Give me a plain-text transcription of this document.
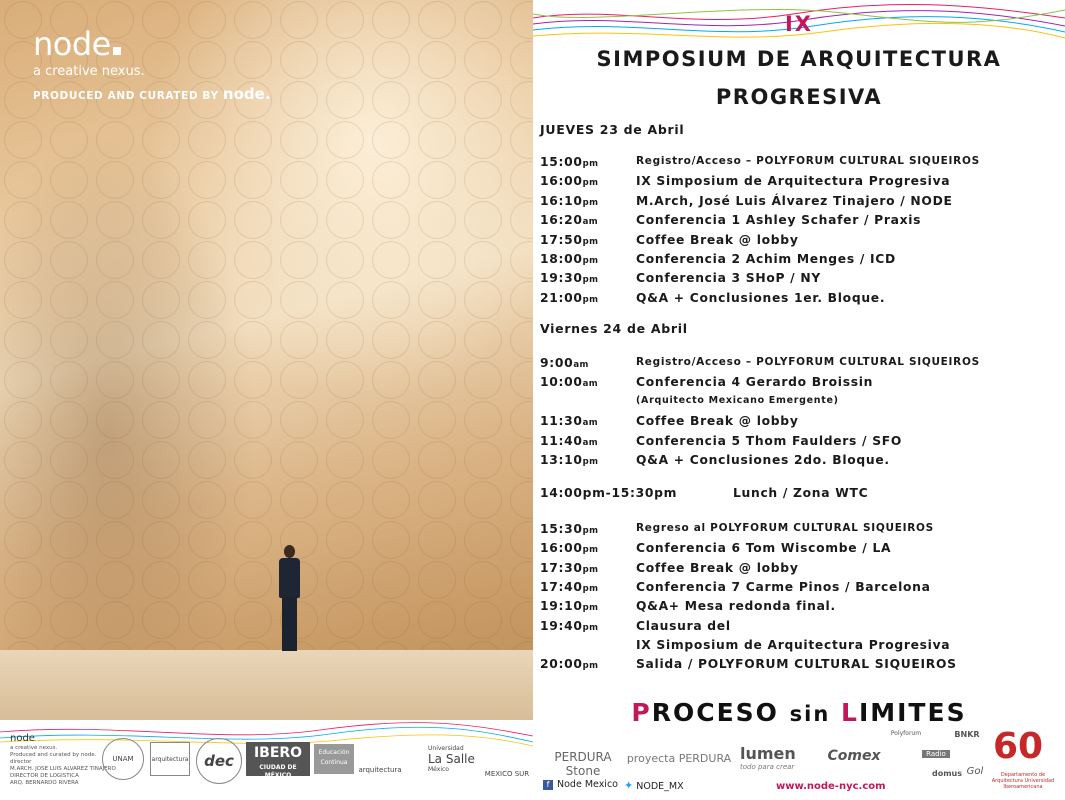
node
a creative nexus.
PRODUCED AND CURATED BY node.
IX
SIMPOSIUM DE ARQUITECTURA
PROGRESIVA
JUEVES 23 de Abril
15:00pm	Registro/Acceso – POLYFORUM CULTURAL SIQUEIROS
16:00pm	IX Simposium de Arquitectura Progresiva
16:10pm	M.Arch, José Luis Álvarez Tinajero / NODE
16:20am	Conferencia 1 Ashley Schafer / Praxis
17:50pm	Coffee Break @ lobby
18:00pm	Conferencia 2 Achim Menges / ICD
19:30pm	Conferencia 3 SHoP / NY
21:00pm	Q&A + Conclusiones 1er. Bloque.
Viernes 24 de Abril
9:00am	Registro/Acceso – POLYFORUM CULTURAL SIQUEIROS
10:00am	Conferencia 4 Gerardo Broissin
(Arquitecto Mexicano Emergente)
11:30am	Coffee Break @ lobby
11:40am	Conferencia 5 Thom Faulders / SFO
13:10pm	Q&A + Conclusiones 2do. Bloque.
14:00pm-15:30pm	Lunch / Zona WTC
15:30pm	Regreso al POLYFORUM CULTURAL SIQUEIROS
16:00pm	Conferencia 6 Tom Wiscombe / LA
17:30pm	Coffee Break @ lobby
17:40pm	Conferencia 7 Carme Pinos / Barcelona
19:10pm	Q&A+ Mesa redonda final.
19:40pm	Clausura del
IX Simposium de Arquitectura Progresiva
20:00pm	Salida / POLYFORUM CULTURAL SIQUEIROS
PROCESO sin LIMITES
node
a creative nexus.
Produced and curated by node.
director
M.ARCH. JOSE LUIS ALVAREZ TINAJERO
DIRECTOR DE LOGISTICA
ARQ. BERNARDO RIVERA
UNAM	arquitectura	dec	IBERO
CIUDAD DE MÉXICO
Educación Continua
arquitectura
Universidad
La Salle
México
MEXICO SUR
PERDURA Stone
proyecta PERDURA lumen
todo para crear
Comex
Polyforum	BNKR
Radio
domus Gol
60
Departamento de Arquitectura Universidad Iberoamericana
f Node Mexico ✦ NODE_MX	www.node-nyc.com
